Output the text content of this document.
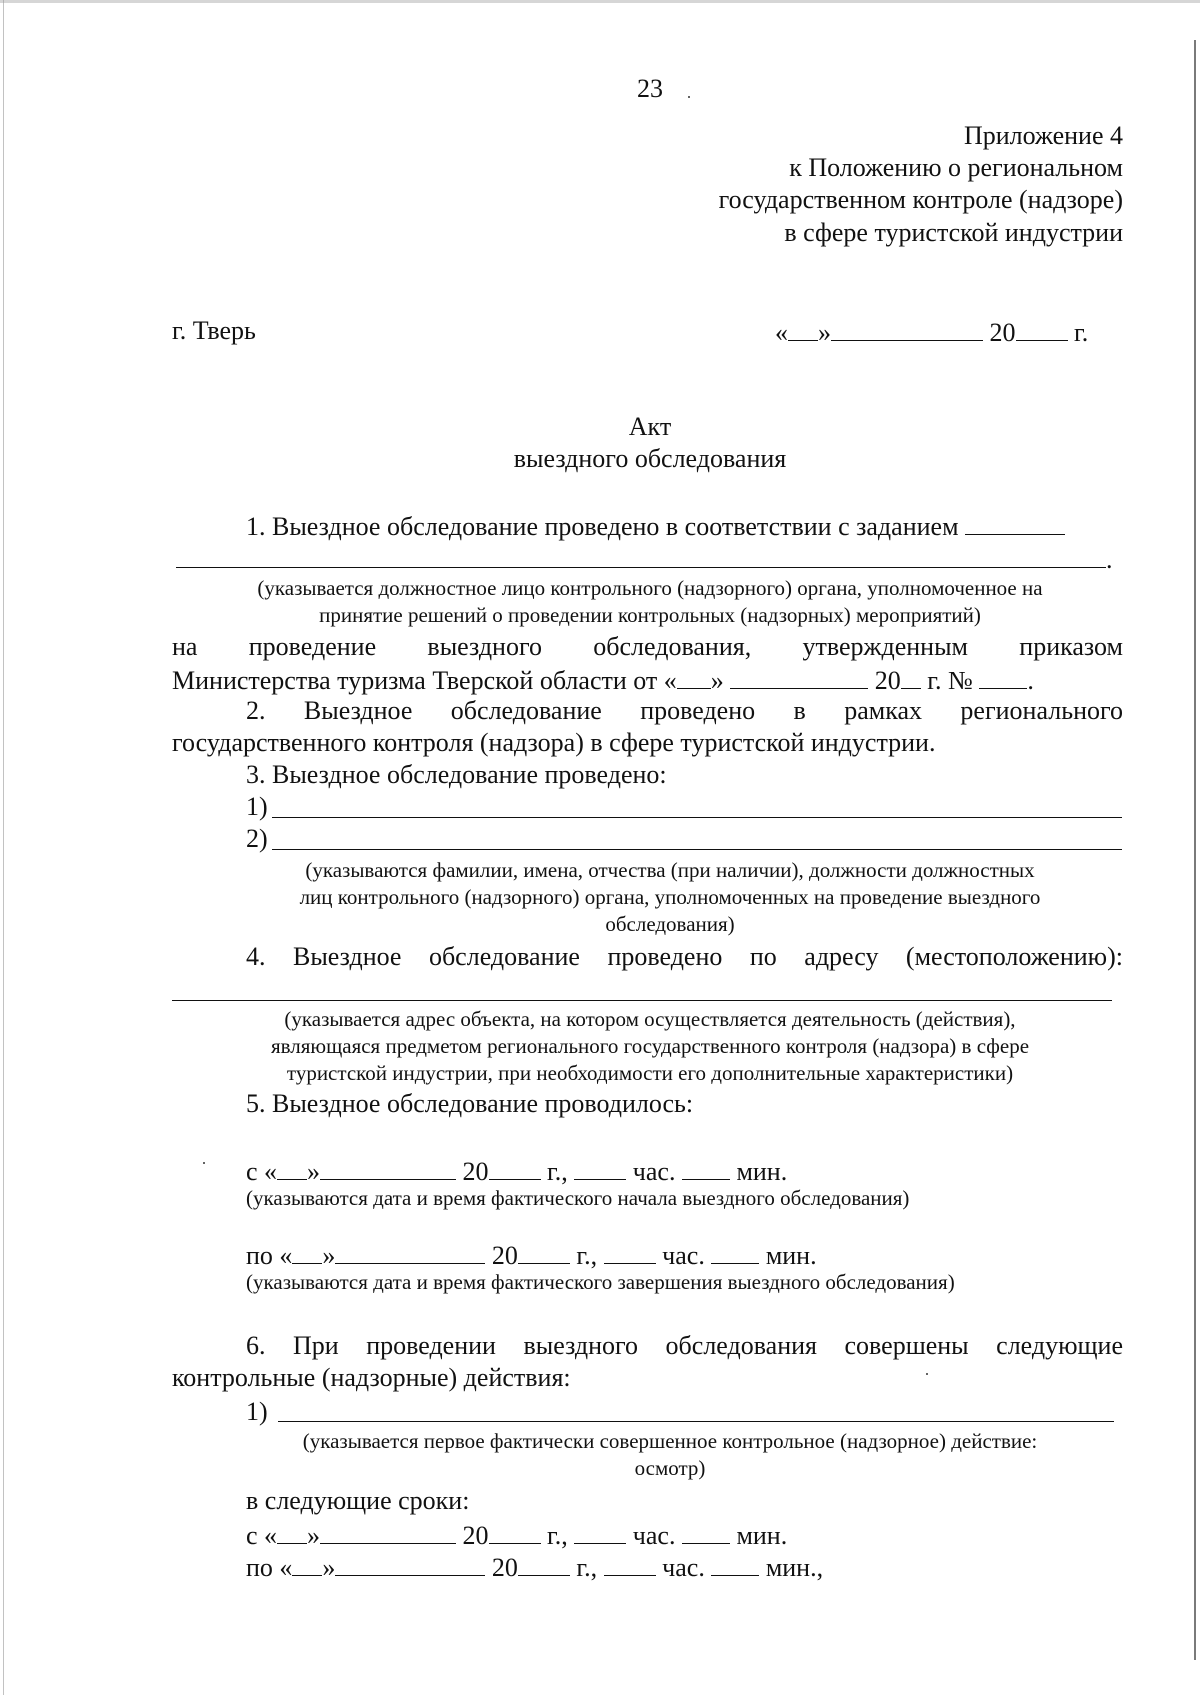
23
Приложение 4
к Положению о региональном
государственном контроле (надзоре)
в сфере туристской индустрии
г. Тверь	« »	20 г.
Акт
выездного обследования
1. Выездное обследование проведено в соответствии с заданием
.
(указывается должностное лицо контрольного (надзорного) органа, уполномоченное на
принятие решений о проведении контрольных (надзорных) мероприятий)
на проведение выездного обследования, утвержденным приказом
Министерства туризма Тверской области от « »	20 г. № .
2. Выездное обследование проведено в рамках регионального
государственного контроля (надзора) в сфере туристской индустрии.
3. Выездное обследование проведено:
1)
2)
(указываются фамилии, имена, отчества (при наличии), должности должностных
лиц контрольного (надзорного) органа, уполномоченных на проведение выездного
обследования)
4. Выездное обследование проведено по адресу (местоположению):
(указывается адрес объекта, на котором осуществляется деятельность (действия),
являющаяся предметом регионального государственного контроля (надзора) в сфере
туристской индустрии, при необходимости его дополнительные характеристики)
5. Выездное обследование проводилось:
с « »	20 г.,	час. мин.
(указываются дата и время фактического начала выездного обследования)
по « »	20 г.,	час. мин.
(указываются дата и время фактического завершения выездного обследования)
6. При проведении выездного обследования совершены следующие
контрольные (надзорные) действия:
1)
(указывается первое фактически совершенное контрольное (надзорное) действие:
осмотр)
в следующие сроки:
с « »	20 г.,	час. мин.
по « »	20 г.,	час. мин.,
